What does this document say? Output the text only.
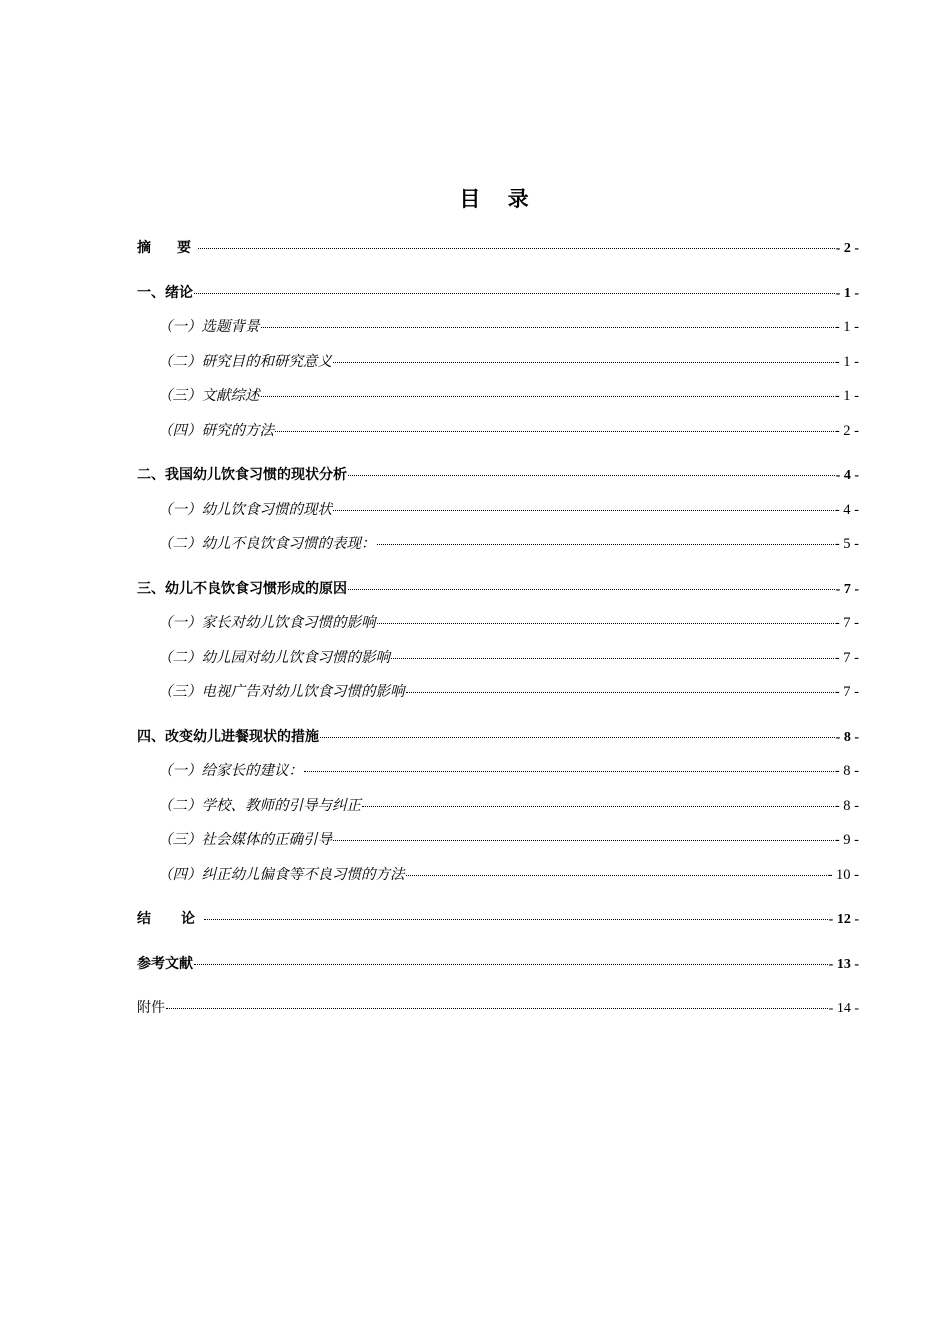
目 录
摘　要	- 2 -
一、绪论	- 1 -
（一）选题背景	- 1 -
（二）研究目的和研究意义	- 1 -
（三）文献综述	- 1 -
（四）研究的方法	- 2 -
二、我国幼儿饮食习惯的现状分析	- 4 -
（一）幼儿饮食习惯的现状	- 4 -
（二）幼儿不良饮食习惯的表现：	- 5 -
三、幼儿不良饮食习惯形成的原因	- 7 -
（一）家长对幼儿饮食习惯的影响	- 7 -
（二）幼儿园对幼儿饮食习惯的影响	- 7 -
（三）电视广告对幼儿饮食习惯的影响	- 7 -
四、改变幼儿进餐现状的措施	- 8 -
（一）给家长的建议：	- 8 -
（二）学校、教师的引导与纠正	- 8 -
（三）社会媒体的正确引导	- 9 -
（四）纠正幼儿偏食等不良习惯的方法	- 10 -
结　论	- 12 -
参考文献	- 13 -
附件	- 14 -
